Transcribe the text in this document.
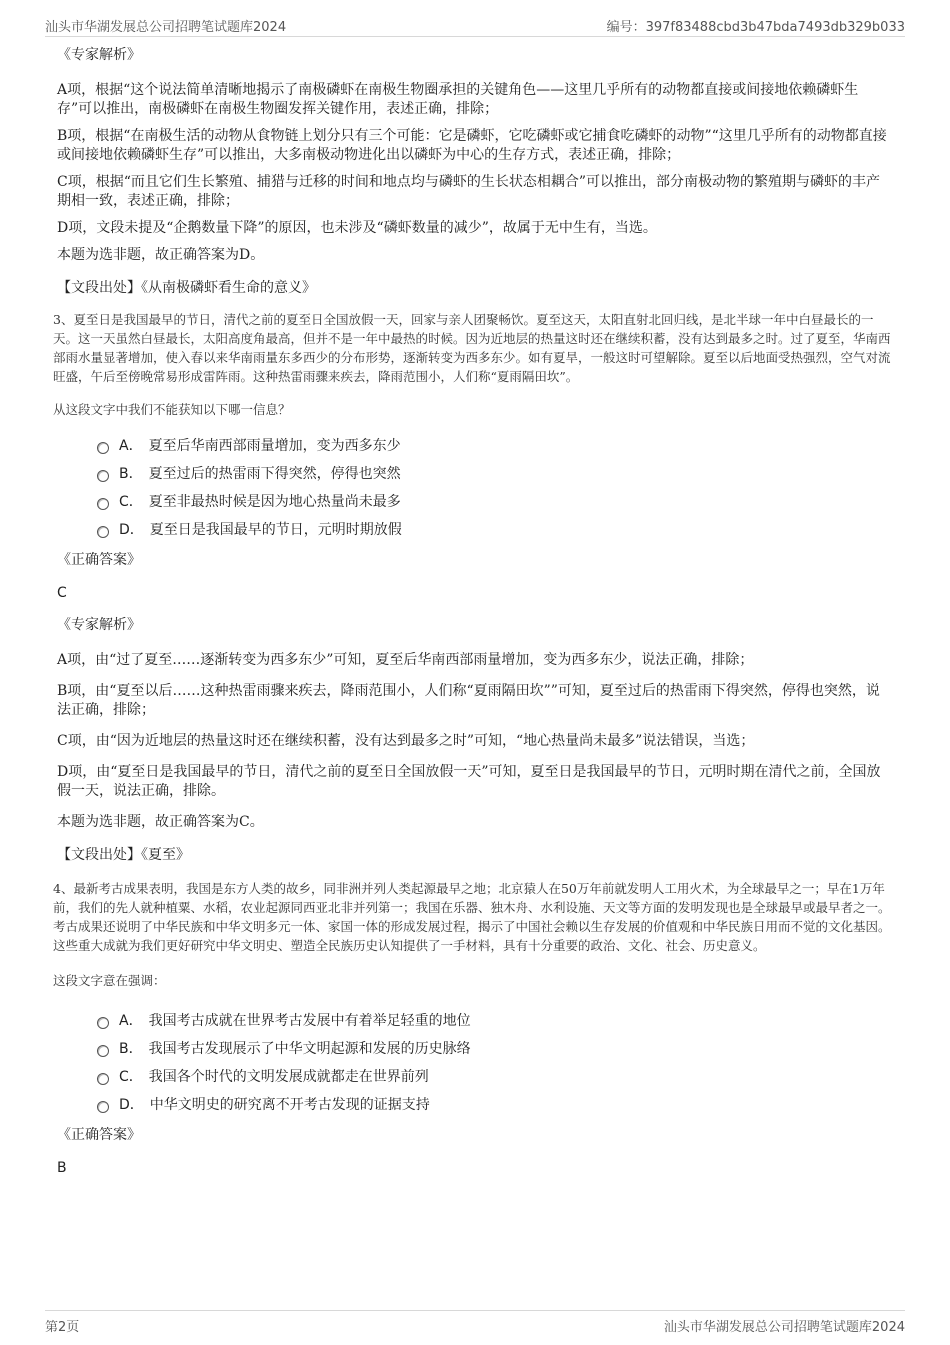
汕头市华湖发展总公司招聘笔试题库2024	编号：397f83488cbd3b47bda7493db329b033

《专家解析》

A项，根据“这个说法简单清晰地揭示了南极磷虾在南极生物圈承担的关键角色——这里几乎所有的动物都直接或间接地依赖磷虾生存”可以推出，南极磷虾在南极生物圈发挥关键作用，表述正确，排除；

B项，根据“在南极生活的动物从食物链上划分只有三个可能：它是磷虾，它吃磷虾或它捕食吃磷虾的动物”“这里几乎所有的动物都直接或间接地依赖磷虾生存”可以推出，大多南极动物进化出以磷虾为中心的生存方式，表述正确，排除；

C项，根据“而且它们生长繁殖、捕猎与迁移的时间和地点均与磷虾的生长状态相耦合”可以推出，部分南极动物的繁殖期与磷虾的丰产期相一致，表述正确，排除；

D项，文段未提及“企鹅数量下降”的原因，也未涉及“磷虾数量的减少”，故属于无中生有，当选。

本题为选非题，故正确答案为D。

【文段出处】《从南极磷虾看生命的意义》

3、夏至日是我国最早的节日，清代之前的夏至日全国放假一天，回家与亲人团聚畅饮。夏至这天，太阳直射北回归线，是北半球一年中白昼最长的一天。这一天虽然白昼最长，太阳高度角最高，但并不是一年中最热的时候。因为近地层的热量这时还在继续积蓄，没有达到最多之时。过了夏至，华南西部雨水量显著增加，使入春以来华南雨量东多西少的分布形势，逐渐转变为西多东少。如有夏旱，一般这时可望解除。夏至以后地面受热强烈，空气对流旺盛，午后至傍晚常易形成雷阵雨。这种热雷雨骤来疾去，降雨范围小，人们称“夏雨隔田坎”。

从这段文字中我们不能获知以下哪一信息？

A． 夏至后华南西部雨量增加，变为西多东少
B． 夏至过后的热雷雨下得突然，停得也突然
C． 夏至非最热时候是因为地心热量尚未最多
D． 夏至日是我国最早的节日，元明时期放假

《正确答案》

C

《专家解析》

A项，由“过了夏至……逐渐转变为西多东少”可知，夏至后华南西部雨量增加，变为西多东少，说法正确，排除；

B项，由“夏至以后……这种热雷雨骤来疾去，降雨范围小，人们称“夏雨隔田坎””可知，夏至过后的热雷雨下得突然，停得也突然，说法正确，排除；

C项，由“因为近地层的热量这时还在继续积蓄，没有达到最多之时”可知，“地心热量尚未最多”说法错误，当选；

D项，由“夏至日是我国最早的节日，清代之前的夏至日全国放假一天”可知，夏至日是我国最早的节日，元明时期在清代之前，全国放假一天，说法正确，排除。

本题为选非题，故正确答案为C。

【文段出处】《夏至》

4、最新考古成果表明，我国是东方人类的故乡，同非洲并列人类起源最早之地；北京猿人在50万年前就发明人工用火术，为全球最早之一；早在1万年前，我们的先人就种植粟、水稻，农业起源同西亚北非并列第一；我国在乐器、独木舟、水利设施、天文等方面的发明发现也是全球最早或最早者之一。考古成果还说明了中华民族和中华文明多元一体、家国一体的形成发展过程，揭示了中国社会赖以生存发展的价值观和中华民族日用而不觉的文化基因。这些重大成就为我们更好研究中华文明史、塑造全民族历史认知提供了一手材料，具有十分重要的政治、文化、社会、历史意义。

这段文字意在强调：

A． 我国考古成就在世界考古发展中有着举足轻重的地位
B． 我国考古发现展示了中华文明起源和发展的历史脉络
C． 我国各个时代的文明发展成就都走在世界前列
D． 中华文明史的研究离不开考古发现的证据支持

《正确答案》

B

第2页	汕头市华湖发展总公司招聘笔试题库2024
